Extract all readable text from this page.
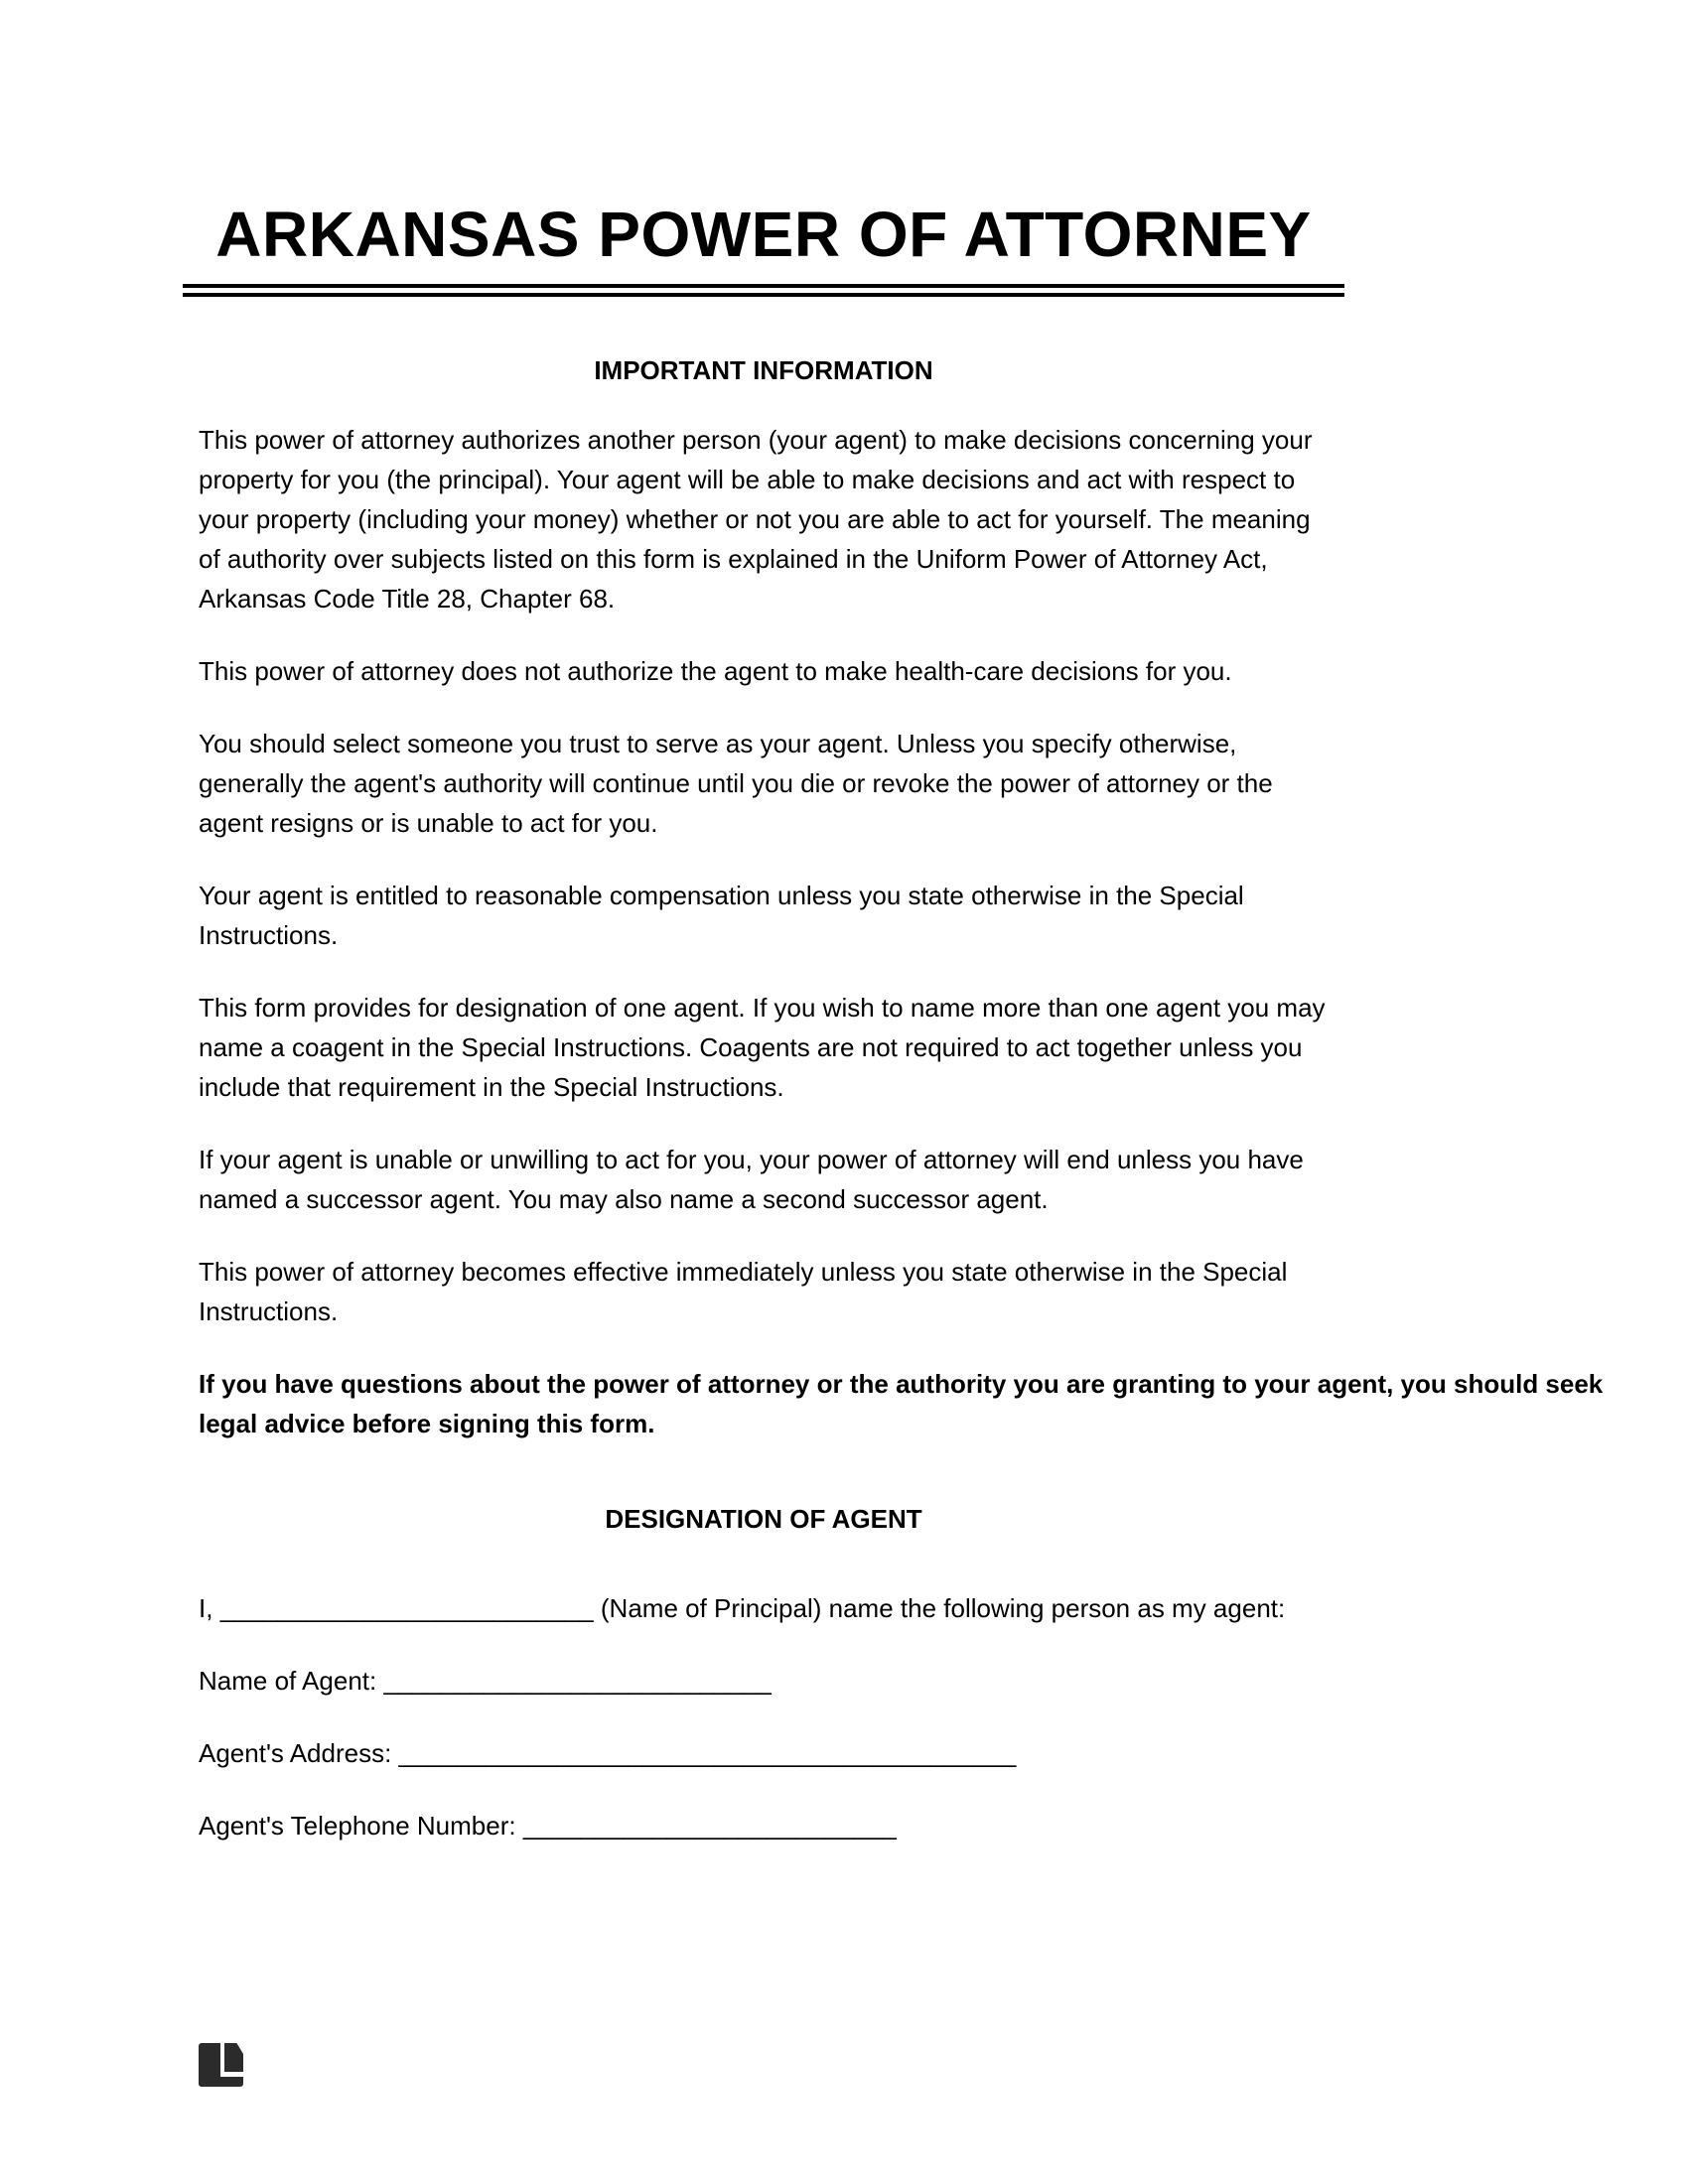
ARKANSAS POWER OF ATTORNEY
IMPORTANT INFORMATION

This power of attorney authorizes another person (your agent) to make decisions concerning your property for you (the principal). Your agent will be able to make decisions and act with respect to your property (including your money) whether or not you are able to act for yourself. The meaning of authority over subjects listed on this form is explained in the Uniform Power of Attorney Act, Arkansas Code Title 28, Chapter 68.

This power of attorney does not authorize the agent to make health-care decisions for you.

You should select someone you trust to serve as your agent. Unless you specify otherwise, generally the agent's authority will continue until you die or revoke the power of attorney or the agent resigns or is unable to act for you.

Your agent is entitled to reasonable compensation unless you state otherwise in the Special Instructions.

This form provides for designation of one agent. If you wish to name more than one agent you may name a coagent in the Special Instructions. Coagents are not required to act together unless you include that requirement in the Special Instructions.

If your agent is unable or unwilling to act for you, your power of attorney will end unless you have named a successor agent. You may also name a second successor agent.

This power of attorney becomes effective immediately unless you state otherwise in the Special Instructions.

If you have questions about the power of attorney or the authority you are granting to your agent, you should seek legal advice before signing this form.

DESIGNATION OF AGENT

I, __________________________ (Name of Principal) name the following person as my agent:

Name of Agent: ___________________________

Agent's Address: ___________________________________________

Agent's Telephone Number: __________________________
